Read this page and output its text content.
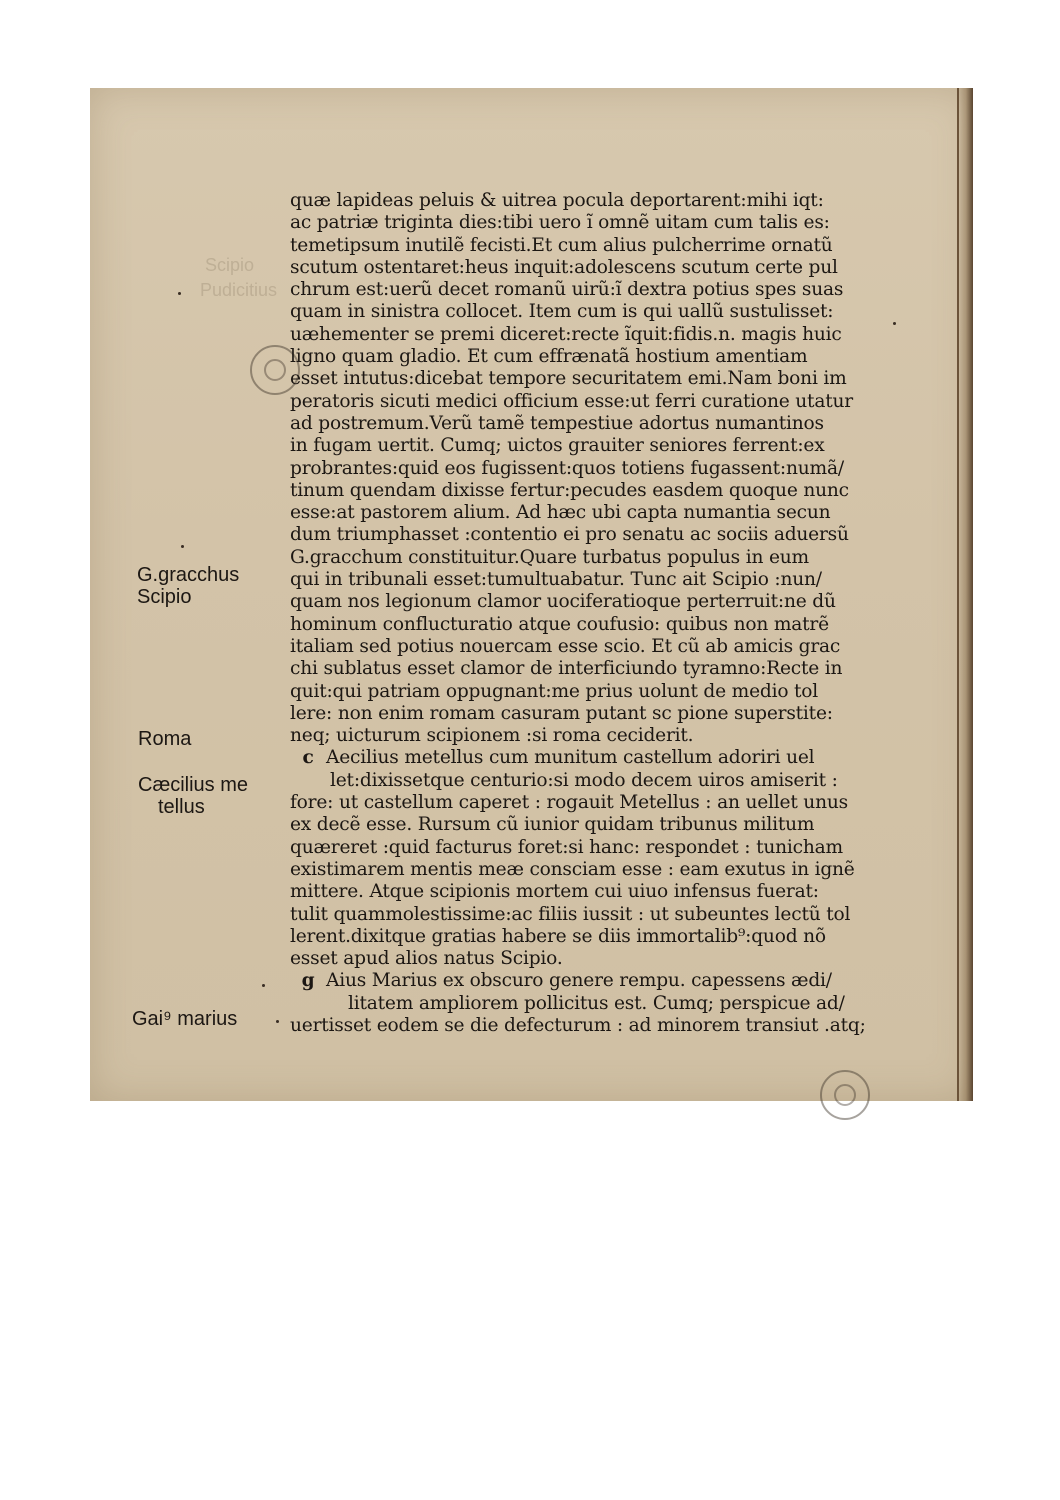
Scipio
Pudicitius
G.gracchus
Scipio
Roma
Cæcilius me
tellus
Gai⁹ marius
quæ lapideas peluis & uitrea pocula deportarent:mihi iqt:
ac patriæ triginta dies:tibi uero ĩ omnẽ uitam cum talis es:
temetipsum inutilẽ fecisti.Et cum alius pulcherrime ornatũ
scutum ostentaret:heus inquit:adolescens scutum certe pul
chrum est:uerũ decet romanũ uirũ:ĩ dextra potius spes suas
quam in sinistra collocet. Item cum is qui uallũ sustulisset:
uæhementer se premi diceret:recte ĩquit:fidis.n. magis huic
ligno quam gladio. Et cum effrænatã hostium amentiam
esset intutus:dicebat tempore securitatem emi.Nam boni im
peratoris sicuti medici officium esse:ut ferri curatione utatur
ad postremum.Verũ tamẽ tempestiue adortus numantinos
in fugam uertit. Cumq; uictos grauiter seniores ferrent:ex
probrantes:quid eos fugissent:quos totiens fugassent:numã/
tinum quendam dixisse fertur:pecudes easdem quoque nunc
esse:at pastorem alium. Ad hæc ubi capta numantia secun
dum triumphasset :contentio ei pro senatu ac sociis aduersũ
G.gracchum constituitur.Quare turbatus populus in eum
qui in tribunali esset:tumultuabatur. Tunc ait Scipio :nun/
quam nos legionum clamor uociferatioque perterruit:ne dũ
hominum conflucturatio atque coufusio: quibus non matrẽ
italiam sed potius nouercam esse scio. Et cũ ab amicis grac
chi sublatus esset clamor de interficiundo tyramno:Recte in
quit:qui patriam oppugnant:me prius uolunt de medio tol
lere: non enim romam casuram putant sc pione superstite:
neq; uicturum scipionem :si roma ceciderit.
c Aecilius metellus cum munitum castellum adoriri uel
let:dixissetque centurio:si modo decem uiros amiserit :
fore: ut castellum caperet : rogauit Metellus : an uellet unus
ex decẽ esse. Rursum cũ iunior quidam tribunus militum
quæreret :quid facturus foret:si hanc: respondet : tunicham
existimarem mentis meæ consciam esse : eam exutus in ignẽ
mittere. Atque scipionis mortem cui uiuo infensus fuerat:
tulit quammolestissime:ac filiis iussit : ut subeuntes lectũ tol
lerent.dixitque gratias habere se diis immortalib⁹:quod nõ
esset apud alios natus Scipio.
g Aius Marius ex obscuro genere rempu. capessens ædi/
litatem ampliorem pollicitus est. Cumq; perspicue ad/
uertisset eodem se die defecturum : ad minorem transiut .atq;
